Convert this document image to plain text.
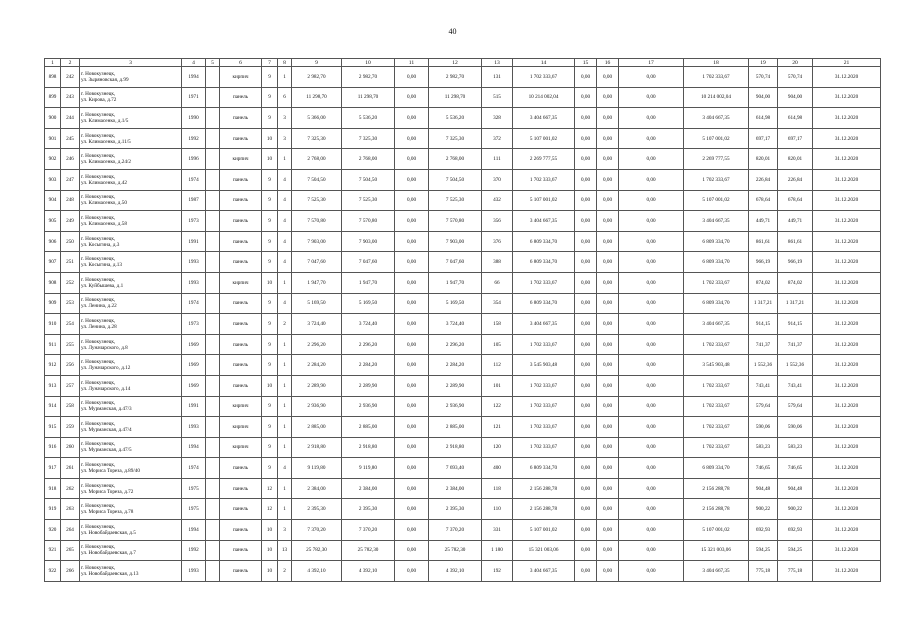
40
1	2	3	4	5	6	7	8	9	10	11	12	13	14	15	16	17	18	19	20	21
898	242	г. Новокузнецк,
ул. Зыряновская, д.99	1994		кирпич	9	1	2 982,70	2 982,70	0,00	2 982,70	131	1 702 333,67	0,00	0,00	0,00	1 702 333,67	570,74	570,74	31.12.2020
899	243	г. Новокузнецк,
ул. Кирова, д.72	1971		панель	9	6	11 298,70	11 298,70	0,00	11 298,70	515	10 214 002,04	0,00	0,00	0,00	10 214 002,04	904,00	904,00	31.12.2020
900	244	г. Новокузнецк,
ул. Климасенко, д.1/5	1990		панель	9	3	5 366,00	5 536,20	0,00	5 536,20	328	3 404 667,35	0,00	0,00	0,00	3 404 667,35	614,98	614,98	31.12.2020
901	245	г. Новокузнецк,
ул. Климасенко, д.11/5	1992		панель	10	3	7 325,30	7 325,30	0,00	7 325,30	372	5 107 001,02	0,00	0,00	0,00	5 107 001,02	697,17	697,17	31.12.2020
902	246	г. Новокузнецк,
ул. Климасенко, д.24/2	1996		кирпич	10	1	2 768,00	2 768,00	0,00	2 768,00	111	2 269 777,55	0,00	0,00	0,00	2 269 777,55	820,01	820,01	31.12.2020
903	247	г. Новокузнецк,
ул. Климасенко, д.42	1974		панель	9	4	7 504,50	7 504,50	0,00	7 504,50	370	1 702 333,67	0,00	0,00	0,00	1 702 333,67	226,84	226,84	31.12.2020
904	248	г. Новокузнецк,
ул. Климасенко, д.50	1987		панель	9	4	7 525,30	7 525,30	0,00	7 525,30	432	5 107 001,02	0,00	0,00	0,00	5 107 001,02	678,64	678,64	31.12.2020
905	249	г. Новокузнецк,
ул. Климасенко, д.58	1973		панель	9	4	7 570,80	7 570,80	0,00	7 570,80	356	3 404 667,35	0,00	0,00	0,00	3 404 667,35	449,71	449,71	31.12.2020
906	250	г. Новокузнецк,
ул. Косыгина, д.3	1991		панель	9	4	7 903,00	7 903,00	0,00	7 903,00	376	6 809 334,70	0,00	0,00	0,00	6 809 334,70	861,61	861,61	31.12.2020
907	251	г. Новокузнецк,
ул. Косыгина, д.13	1993		панель	9	4	7 047,60	7 047,60	0,00	7 047,60	388	6 809 334,70	0,00	0,00	0,00	6 809 334,70	966,19	966,19	31.12.2020
908	252	г. Новокузнецк,
ул. Куйбышева, д.1	1993		кирпич	10	1	1 947,70	1 947,70	0,00	1 947,70	66	1 702 333,67	0,00	0,00	0,00	1 702 333,67	874,02	874,02	31.12.2020
909	253	г. Новокузнецк,
ул. Ленина, д.22	1974		панель	9	4	5 169,50	5 169,50	0,00	5 169,50	354	6 809 334,70	0,00	0,00	0,00	6 809 334,70	1 317,21	1 317,21	31.12.2020
910	254	г. Новокузнецк,
ул. Ленина, д.28	1973		панель	9	2	3 724,40	3 724,40	0,00	3 724,40	158	3 404 667,35	0,00	0,00	0,00	3 404 667,35	914,15	914,15	31.12.2020
911	255	г. Новокузнецк,
ул. Луначарского, д.8	1969		панель	9	1	2 296,20	2 296,20	0,00	2 296,20	105	1 702 333,67	0,00	0,00	0,00	1 702 333,67	741,37	741,37	31.12.2020
912	256	г. Новокузнецк,
ул. Луначарского, д.12	1969		панель	9	1	2 284,20	2 284,20	0,00	2 284,20	112	3 545 903,48	0,00	0,00	0,00	3 545 903,48	1 552,36	1 552,36	31.12.2020
913	257	г. Новокузнецк,
ул. Луначарского, д.14	1969		панель	10	1	2 289,90	2 289,90	0,00	2 289,90	101	1 702 333,67	0,00	0,00	0,00	1 702 333,67	743,41	743,41	31.12.2020
914	258	г. Новокузнецк,
ул. Мурманская, д.47/3	1991		кирпич	9	1	2 936,90	2 936,90	0,00	2 936,90	122	1 702 333,67	0,00	0,00	0,00	1 702 333,67	579,64	579,64	31.12.2020
915	259	г. Новокузнецк,
ул. Мурманская, д.47/4	1993		кирпич	9	1	2 885,00	2 885,00	0,00	2 885,00	121	1 702 333,67	0,00	0,00	0,00	1 702 333,67	590,06	590,06	31.12.2020
916	260	г. Новокузнецк,
ул. Мурманская, д.47/5	1994		кирпич	9	1	2 918,80	2 918,80	0,00	2 918,80	120	1 702 333,67	0,00	0,00	0,00	1 702 333,67	583,23	583,23	31.12.2020
917	261	г. Новокузнецк,
ул. Мориса Тореза, д.89/40	1974		панель	9	4	9 119,80	9 119,80	0,00	7 693,40	400	6 809 334,70	0,00	0,00	0,00	6 809 334,70	746,65	746,65	31.12.2020
918	262	г. Новокузнецк,
ул. Мориса Тореза, д.72	1975		панель	12	1	2 384,00	2 384,00	0,00	2 384,00	118	2 156 288,78	0,00	0,00	0,00	2 156 288,78	904,48	904,48	31.12.2020
919	263	г. Новокузнецк,
ул. Мориса Тореза, д.78	1975		панель	12	1	2 395,30	2 395,30	0,00	2 395,30	110	2 156 288,78	0,00	0,00	0,00	2 156 288,78	900,22	900,22	31.12.2020
920	264	г. Новокузнецк,
ул. Новобайдаевская, д.5	1994		панель	10	3	7 370,20	7 370,20	0,00	7 370,20	331	5 107 001,02	0,00	0,00	0,00	5 107 001,02	692,93	692,93	31.12.2020
921	265	г. Новокузнецк,
ул. Новобайдаевская, д.7	1992		панель	10	13	25 782,30	25 782,30	0,00	25 782,30	1 180	15 321 003,06	0,00	0,00	0,00	15 321 003,06	594,25	594,25	31.12.2020
922	266	г. Новокузнецк,
ул. Новобайдаевская, д.13	1993		панель	10	2	4 392,10	4 392,10	0,00	4 392,10	192	3 404 667,35	0,00	0,00	0,00	3 404 667,35	775,18	775,18	31.12.2020
